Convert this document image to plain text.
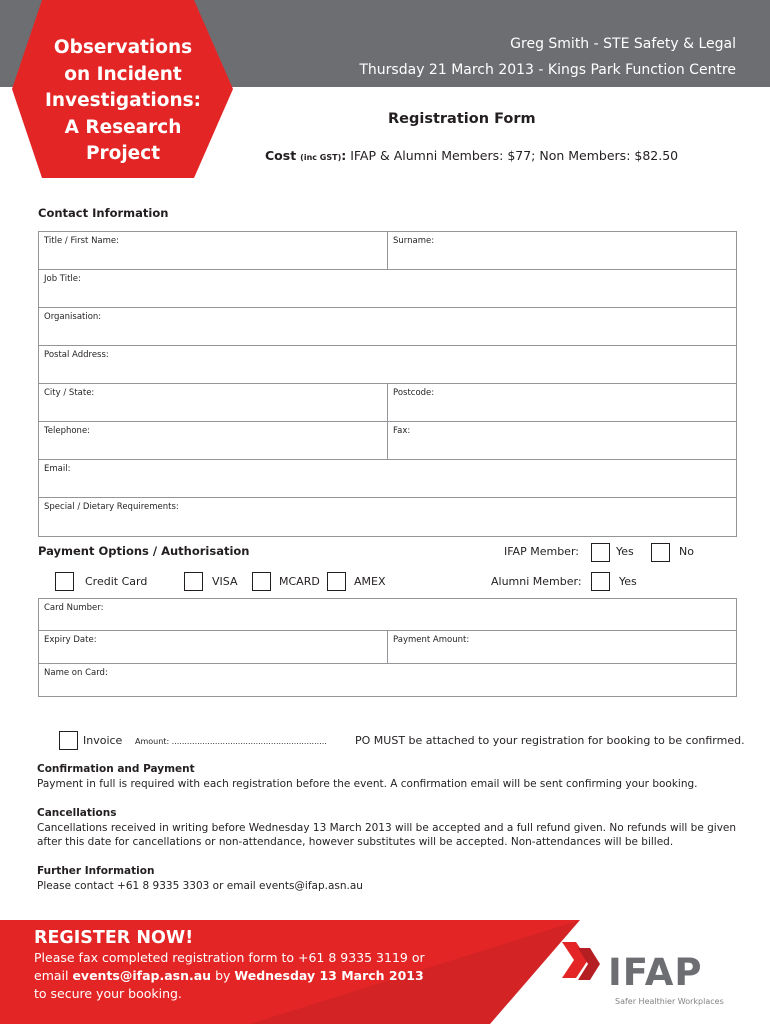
Greg Smith - STE Safety & Legal
Thursday 21 March 2013 - Kings Park Function Centre
Observations
on Incident
Investigations:
A Research
Project
Registration Form
Cost (inc GST): IFAP & Alumni Members: $77; Non Members: $82.50
Contact Information
Title / First Name:	Surname:
Job Title:
Organisation:
Postal Address:
City / State:	Postcode:
Telephone:	Fax:
Email:
Special / Dietary Requirements:
Payment Options / Authorisation	IFAP Member:	Yes	No
Credit Card	VISA	MCARD	AMEX	Alumni Member:	Yes
Card Number:
Expiry Date:	Payment Amount:
Name on Card:
Invoice Amount: .............................................................	PO MUST be attached to your registration for booking to be confirmed.
Confirmation and Payment
Payment in full is required with each registration before the event. A confirmation email will be sent confirming your booking.
Cancellations
Cancellations received in writing before Wednesday 13 March 2013 will be accepted and a full refund given. No refunds will be given
after this date for cancellations or non-attendance, however substitutes will be accepted. Non-attendances will be billed.
Further Information
Please contact +61 8 9335 3303 or email events@ifap.asn.au
REGISTER NOW!
Please fax completed registration form to +61 8 9335 3119 or
email events@ifap.asn.au by Wednesday 13 March 2013
to secure your booking.	IFAP
Safer Healthier Workplaces
